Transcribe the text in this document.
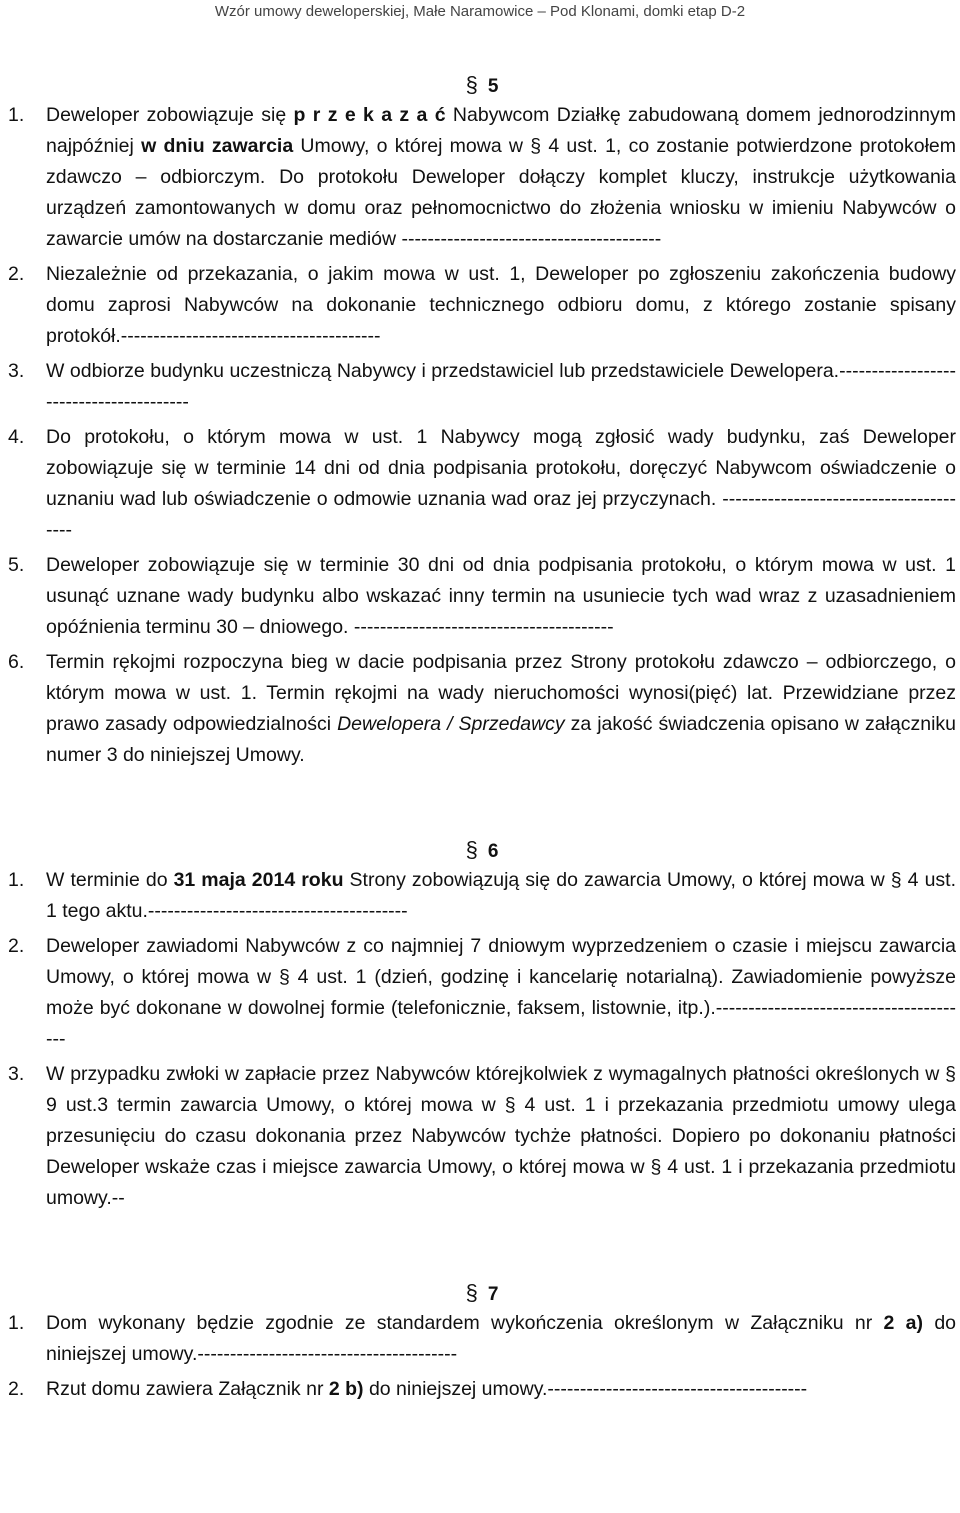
Wzór umowy deweloperskiej, Małe Naramowice – Pod Klonami, domki etap D-2
§ 5
1.	Deweloper zobowiązuje się p r z e k a z a ć Nabywcom Działkę zabudowaną domem jednorodzinnym najpóźniej w dniu zawarcia Umowy, o której mowa w § 4 ust. 1, co zostanie potwierdzone protokołem zdawczo – odbiorczym. Do protokołu Deweloper dołączy komplet kluczy, instrukcje użytkowania urządzeń zamontowanych w domu oraz pełnomocnictwo do złożenia wniosku w imieniu Nabywców o zawarcie umów na dostarczanie mediów ----------------------------------------
2.	Niezależnie od przekazania, o jakim mowa w ust. 1, Deweloper po zgłoszeniu zakończenia budowy domu zaprosi Nabywców na dokonanie technicznego odbioru domu, z którego zostanie spisany protokół.----------------------------------------
3.	W odbiorze budynku uczestniczą Nabywcy i przedstawiciel lub przedstawiciele Dewelopera.----------------------------------------
4.	Do protokołu, o którym mowa w ust. 1 Nabywcy mogą zgłosić wady budynku, zaś Deweloper zobowiązuje się w terminie 14 dni od dnia podpisania protokołu, doręczyć Nabywcom oświadczenie o uznaniu wad lub oświadczenie o odmowie uznania wad oraz jej przyczynach. ----------------------------------------
5.	Deweloper zobowiązuje się w terminie 30 dni od dnia podpisania protokołu, o którym mowa w ust. 1 usunąć uznane wady budynku albo wskazać inny termin na usuniecie tych wad wraz z uzasadnieniem opóźnienia terminu 30 – dniowego. ----------------------------------------
6.	Termin rękojmi rozpoczyna bieg w dacie podpisania przez Strony protokołu zdawczo – odbiorczego, o którym mowa w ust. 1. Termin rękojmi na wady nieruchomości wynosi(pięć) lat. Przewidziane przez prawo zasady odpowiedzialności Dewelopera / Sprzedawcy za jakość świadczenia opisano w załączniku numer 3 do niniejszej Umowy.
§ 6
1.	W terminie do 31 maja 2014 roku Strony zobowiązują się do zawarcia Umowy, o której mowa w § 4 ust. 1 tego aktu.----------------------------------------
2.	Deweloper zawiadomi Nabywców z co najmniej 7 dniowym wyprzedzeniem o czasie i miejscu zawarcia Umowy, o której mowa w § 4 ust. 1 (dzień, godzinę i kancelarię notarialną). Zawiadomienie powyższe może być dokonane w dowolnej formie (telefonicznie, faksem, listownie, itp.).----------------------------------------
3.	W przypadku zwłoki w zapłacie przez Nabywców którejkolwiek z wymagalnych płatności określonych w § 9 ust.3 termin zawarcia Umowy, o której mowa w § 4 ust. 1 i przekazania przedmiotu umowy ulega przesunięciu do czasu dokonania przez Nabywców tychże płatności. Dopiero po dokonaniu płatności Deweloper wskaże czas i miejsce zawarcia Umowy, o której mowa w § 4 ust. 1 i przekazania przedmiotu umowy.--
§ 7
1.	Dom wykonany będzie zgodnie ze standardem wykończenia określonym w Załączniku nr 2 a) do niniejszej umowy.----------------------------------------
2.	Rzut domu zawiera Załącznik nr 2 b) do niniejszej umowy.----------------------------------------
